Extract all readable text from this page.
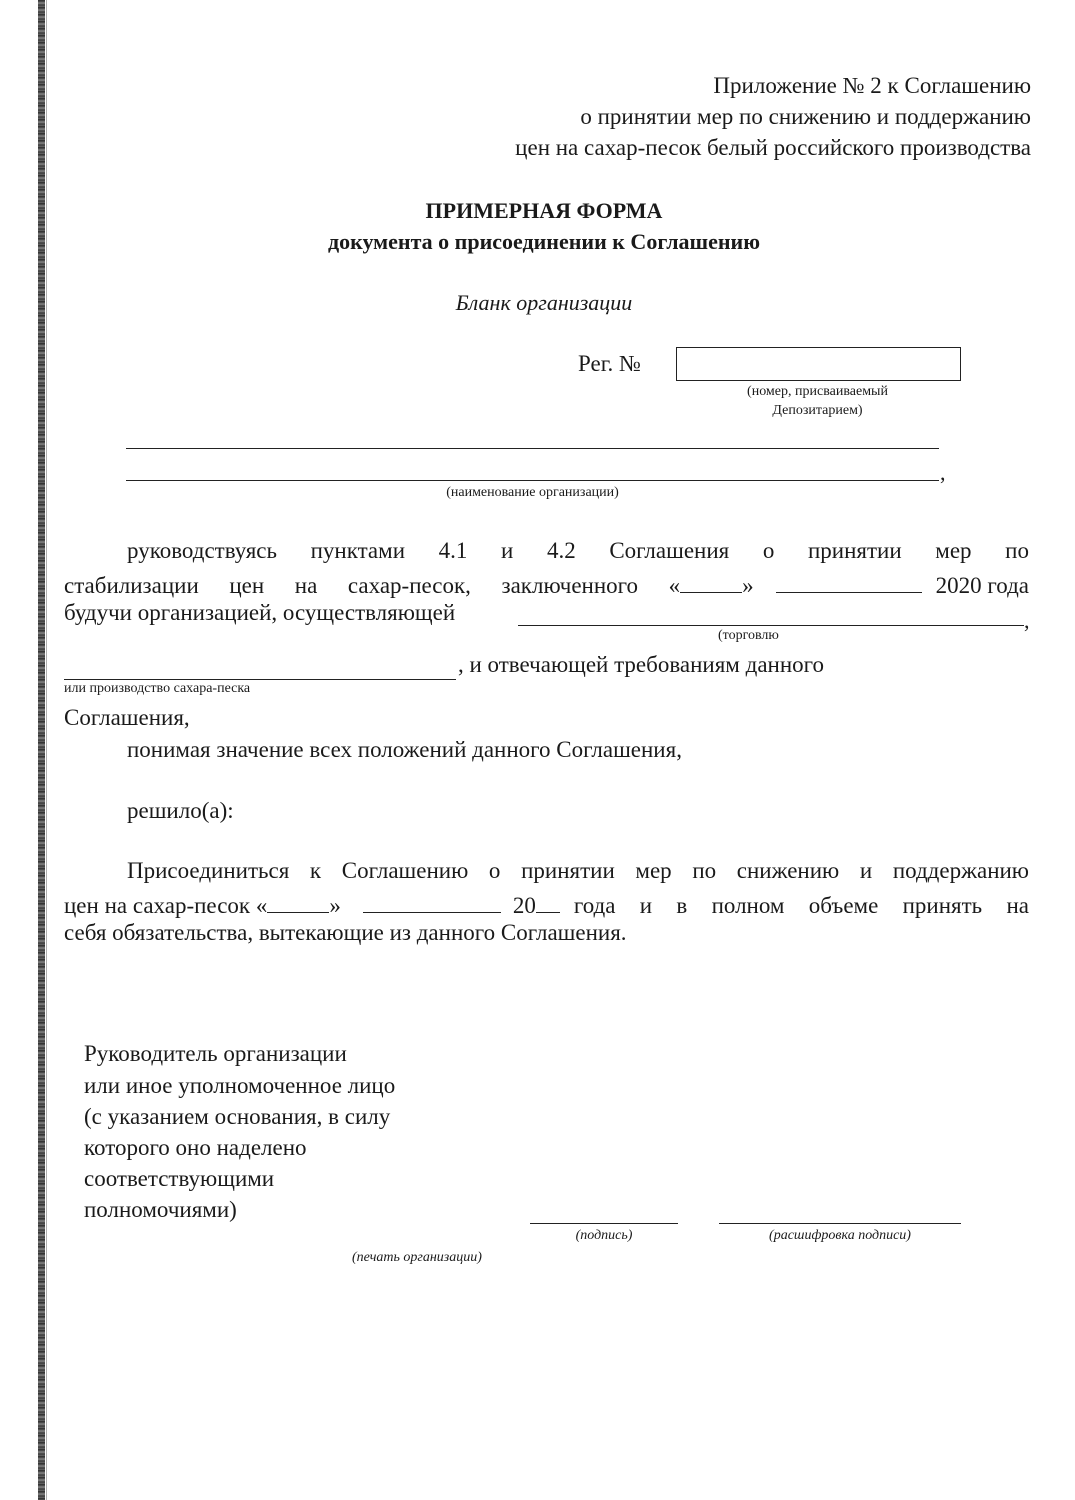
Приложение № 2 к Соглашению
о принятии мер по снижению и поддержанию
цен на сахар-песок белый российского производства
ПРИМЕРНАЯ ФОРМА
документа о присоединении к Соглашению
Бланк организации
Рег. №
(номер, присваиваемый
Депозитарием)
,
(наименование организации)
руководствуясь пунктами 4.1 и 4.2 Соглашения о принятии мер по
стабилизации цен на сахар-песок, заключенного «	»	2020 года
будучи организацией, осуществляющей	,
(торговлю
, и отвечающей требованиям данного
или производство сахара-песка
Соглашения,
понимая значение всех положений данного Соглашения,
решило(а):
Присоединиться к Соглашению о принятии мер по снижению и поддержанию
цен на сахар-песок «	»	20 года и в полном объеме принять на
себя обязательства, вытекающие из данного Соглашения.
Руководитель организации
или иное уполномоченное лицо
(с указанием основания, в силу
которого оно наделено
соответствующими
полномочиями)
(подпись)	(расшифровка подписи)
(печать организации)
